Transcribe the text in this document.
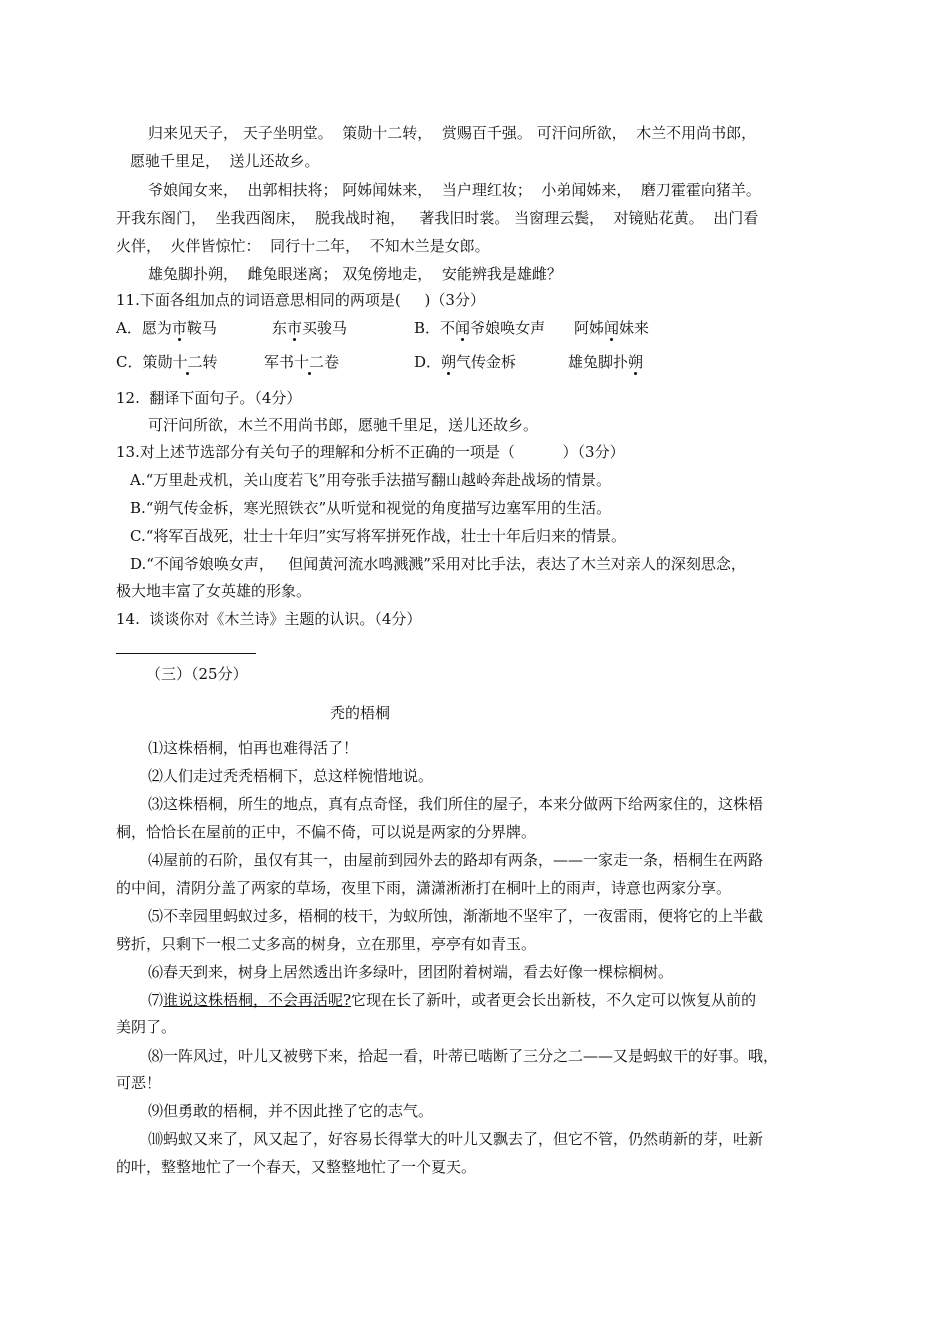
归来见天子， 天子坐明堂。  策勋十二转，  赏赐百千强。 可汗问所欲，  木兰不用尚书郎，
愿驰千里足，  送儿还故乡。
爷娘闻女来，  出郭相扶将； 阿姊闻妹来，  当户理红妆；  小弟闻姊来，  磨刀霍霍向猪羊。
开我东阁门，  坐我西阁床，  脱我战时袍，   著我旧时裳。 当窗理云鬓，  对镜贴花黄。  出门看
火伴，  火伴皆惊忙：  同行十二年，  不知木兰是女郎。
雄兔脚扑朔，  雌兔眼迷离； 双兔傍地走，  安能辨我是雄雌？
11.下面各组加点的词语意思相同的两项是(     )（3分）
A．愿为市鞍马	东市买骏马	B．不闻爷娘唤女声 阿姊闻妹来
C．策勋十二转	军书十二卷	D．朔气传金柝	雄兔脚扑朔
12.  翻译下面句子。（4分）
可汗问所欲，木兰不用尚书郎，愿驰千里足，送儿还故乡。
13.对上述节选部分有关句子的理解和分析不正确的一项是（          ）（3分）
A.“万里赴戎机，关山度若飞”用夸张手法描写翻山越岭奔赴战场的情景。
B.“朔气传金柝，寒光照铁衣”从听觉和视觉的角度描写边塞军用的生活。
C.“将军百战死，壮士十年归”实写将军拼死作战，壮士十年后归来的情景。
D.“不闻爷娘唤女声，   但闻黄河流水鸣溅溅”采用对比手法，表达了木兰对亲人的深刻思念，
极大地丰富了女英雄的形象。
14.  谈谈你对《木兰诗》主题的认识。（4分）
（三）（25分）
秃的梧桐
⑴这株梧桐，怕再也难得活了！
⑵人们走过秃秃梧桐下，总这样惋惜地说。
⑶这株梧桐，所生的地点，真有点奇怪，我们所住的屋子，本来分做两下给两家住的，这株梧
桐，恰恰长在屋前的正中，不偏不倚，可以说是两家的分界牌。
⑷屋前的石阶，虽仅有其一，由屋前到园外去的路却有两条，——一家走一条，梧桐生在两路
的中间，清阴分盖了两家的草场，夜里下雨，潇潇淅淅打在桐叶上的雨声，诗意也两家分享。
⑸不幸园里蚂蚁过多，梧桐的枝干，为蚁所蚀，渐渐地不坚牢了，一夜雷雨，便将它的上半截
劈折，只剩下一根二丈多高的树身，立在那里，亭亭有如青玉。
⑹春天到来，树身上居然透出许多绿叶，团团附着树端，看去好像一棵棕榈树。
⑺谁说这株梧桐，不会再活呢?它现在长了新叶，或者更会长出新枝，不久定可以恢复从前的
美阴了。
⑻一阵风过，叶儿又被劈下来，拾起一看，叶蒂已啮断了三分之二——又是蚂蚁干的好事。哦，
可恶！
⑼但勇敢的梧桐，并不因此挫了它的志气。
⑽蚂蚁又来了，风又起了，好容易长得掌大的叶儿又飘去了，但它不管，仍然萌新的芽，吐新
的叶，整整地忙了一个春天，又整整地忙了一个夏天。
